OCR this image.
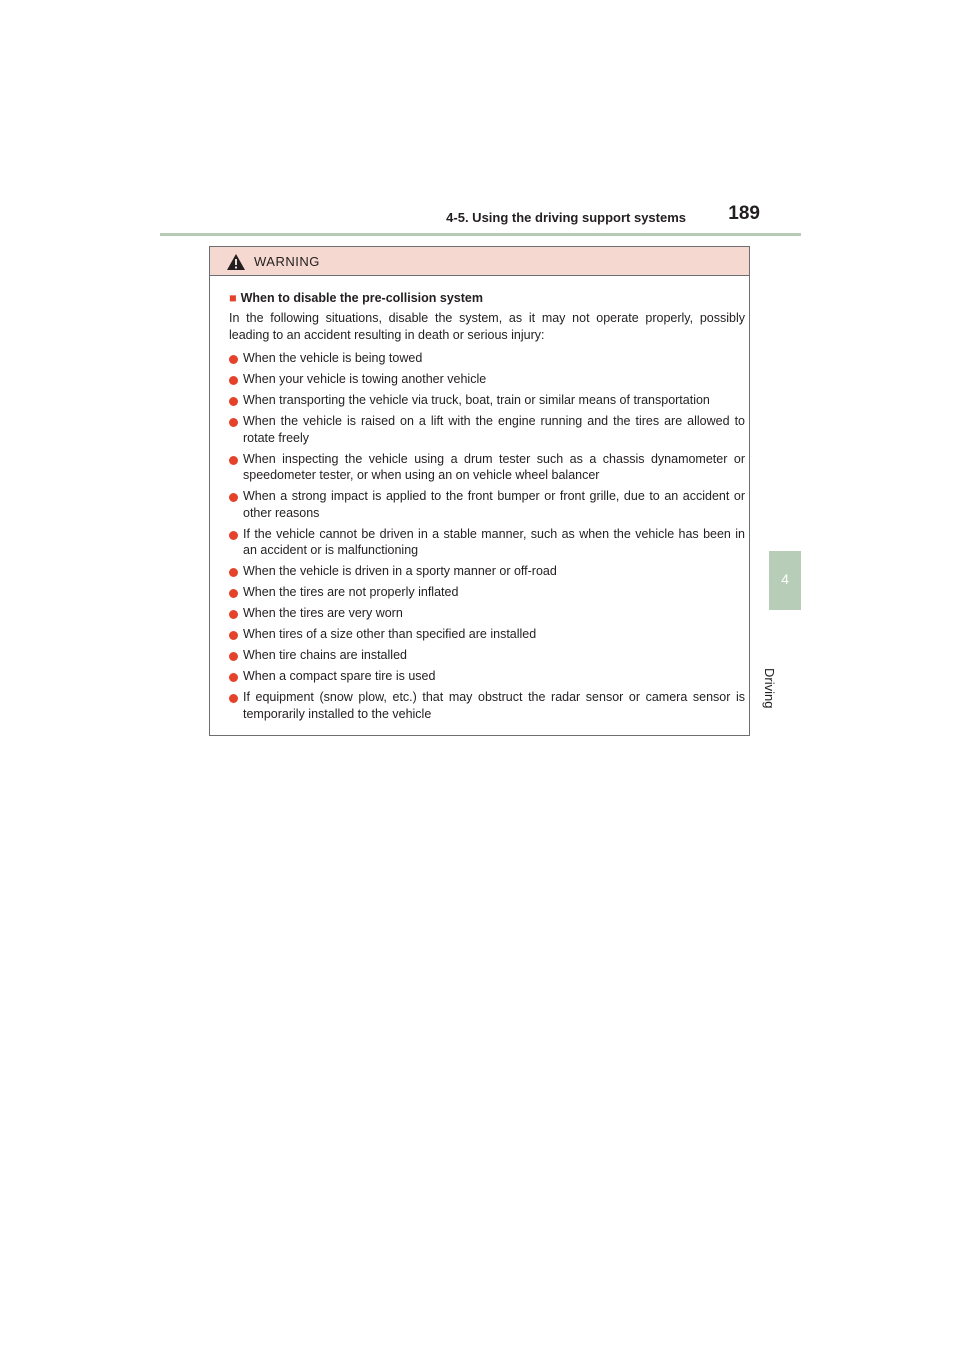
4-5. Using the driving support systems 189
4
Driving
WARNING

■ When to disable the pre-collision system

In the following situations, disable the system, as it may not operate properly, possibly leading to an accident resulting in death or serious injury:

When the vehicle is being towed
When your vehicle is towing another vehicle
When transporting the vehicle via truck, boat, train or similar means of transportation
When the vehicle is raised on a lift with the engine running and the tires are allowed to rotate freely
When inspecting the vehicle using a drum tester such as a chassis dynamometer or speedometer tester, or when using an on vehicle wheel balancer
When a strong impact is applied to the front bumper or front grille, due to an accident or other reasons
If the vehicle cannot be driven in a stable manner, such as when the vehicle has been in an accident or is malfunctioning
When the vehicle is driven in a sporty manner or off-road
When the tires are not properly inflated
When the tires are very worn
When tires of a size other than specified are installed
When tire chains are installed
When a compact spare tire is used
If equipment (snow plow, etc.) that may obstruct the radar sensor or camera sensor is temporarily installed to the vehicle
